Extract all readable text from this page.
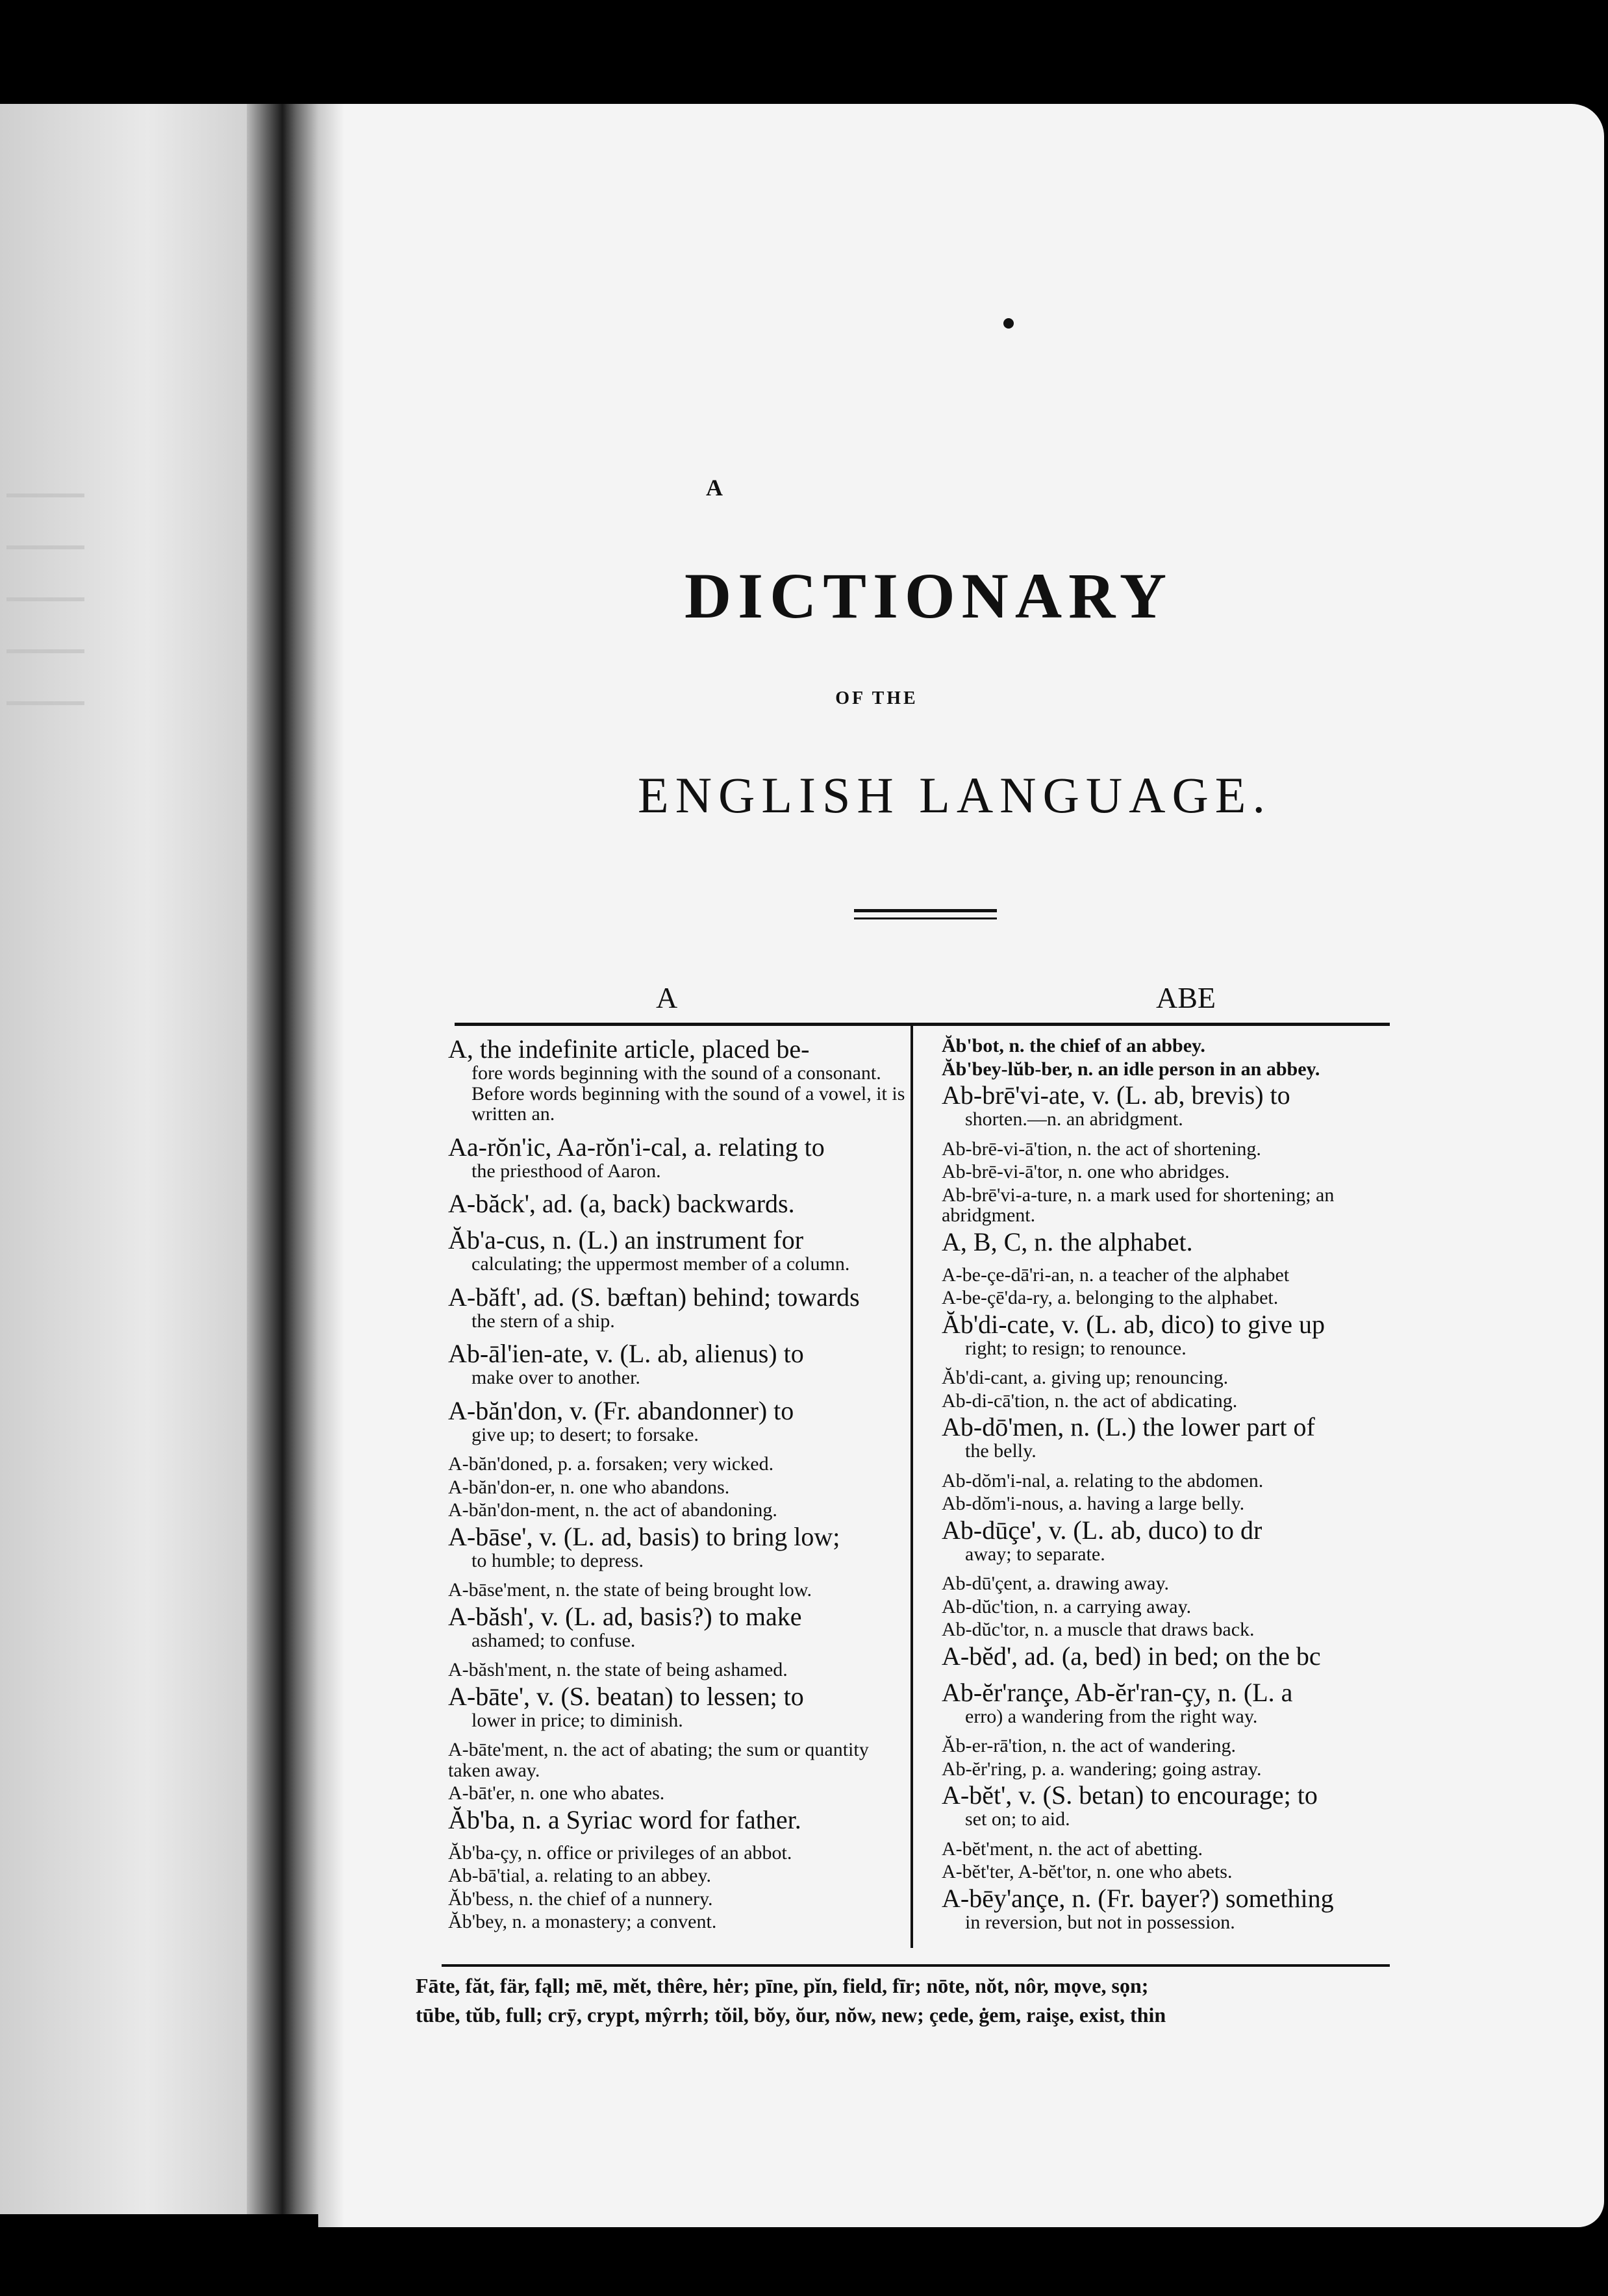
A
DICTIONARY
OF THE
ENGLISH LANGUAGE.
A	ABE
A, the indefinite article, placed be-
fore words beginning with the sound of a consonant. Before words beginning with the sound of a vowel, it is written an.
Aa-rŏn'ic, Aa-rŏn'i-cal, a. relating to
the priesthood of Aaron.
A-băck', ad. (a, back) backwards.
Ăb'a-cus, n. (L.) an instrument for
calculating; the uppermost member of a column.
A-băft', ad. (S. bæftan) behind; towards
the stern of a ship.
Ab-āl'ien-ate, v. (L. ab, alienus) to
make over to another.
A-băn'don, v. (Fr. abandonner) to
give up; to desert; to forsake.
A-băn'doned, p. a. forsaken; very wicked.
A-băn'don-er, n. one who abandons.
A-băn'don-ment, n. the act of abandoning.
A-bāse', v. (L. ad, basis) to bring low;
to humble; to depress.
A-bāse'ment, n. the state of being brought low.
A-băsh', v. (L. ad, basis?) to make
ashamed; to confuse.
A-băsh'ment, n. the state of being ashamed.
A-bāte', v. (S. beatan) to lessen; to
lower in price; to diminish.
A-bāte'ment, n. the act of abating; the sum or quantity taken away.
A-bāt'er, n. one who abates.
Ăb'ba, n. a Syriac word for father.
Ăb'ba-çy, n. office or privileges of an abbot.
Ab-bā'tial, a. relating to an abbey.
Ăb'bess, n. the chief of a nunnery.
Ăb'bey, n. a monastery; a convent.
Ăb'bot, n. the chief of an abbey.
Ăb'bey-lŭb-ber, n. an idle person in an abbey.
Ab-brē'vi-ate, v. (L. ab, brevis) to
shorten.—n. an abridgment.
Ab-brē-vi-ā'tion, n. the act of shortening.
Ab-brē-vi-ā'tor, n. one who abridges.
Ab-brē'vi-a-ture, n. a mark used for shortening; an abridgment.
A, B, C, n. the alphabet.
A-be-çe-dā'ri-an, n. a teacher of the alphabet
A-be-çē'da-ry, a. belonging to the alphabet.
Ăb'di-cate, v. (L. ab, dico) to give up
right; to resign; to renounce.
Ăb'di-cant, a. giving up; renouncing.
Ab-di-cā'tion, n. the act of abdicating.
Ab-dō'men, n. (L.) the lower part of
the belly.
Ab-dŏm'i-nal, a. relating to the abdomen.
Ab-dŏm'i-nous, a. having a large belly.
Ab-dūçe', v. (L. ab, duco) to dr
away; to separate.
Ab-dū'çent, a. drawing away.
Ab-dŭc'tion, n. a carrying away.
Ab-dŭc'tor, n. a muscle that draws back.
A-bĕd', ad. (a, bed) in bed; on the bc
Ab-ĕr'rançe, Ab-ĕr'ran-çy, n. (L. a
erro) a wandering from the right way.
Ăb-er-rā'tion, n. the act of wandering.
Ab-ĕr'ring, p. a. wandering; going astray.
A-bĕt', v. (S. betan) to encourage; to
set on; to aid.
A-bĕt'ment, n. the act of abetting.
A-bĕt'ter, A-bĕt'tor, n. one who abets.
A-bēy'ançe, n. (Fr. bayer?) something
in reversion, but not in possession.
Fāte, făt, fär, fąll; mē, mĕt, thêre, hėr; pīne, pĭn, field, fīr; nōte, nŏt, nôr, mọve, sọn;
tūbe, tŭb, full; crȳ, crypt, mŷrrh; tŏil, bŏy, ŏur, nŏw, new; çede, ġem, raişe, exist, thin
